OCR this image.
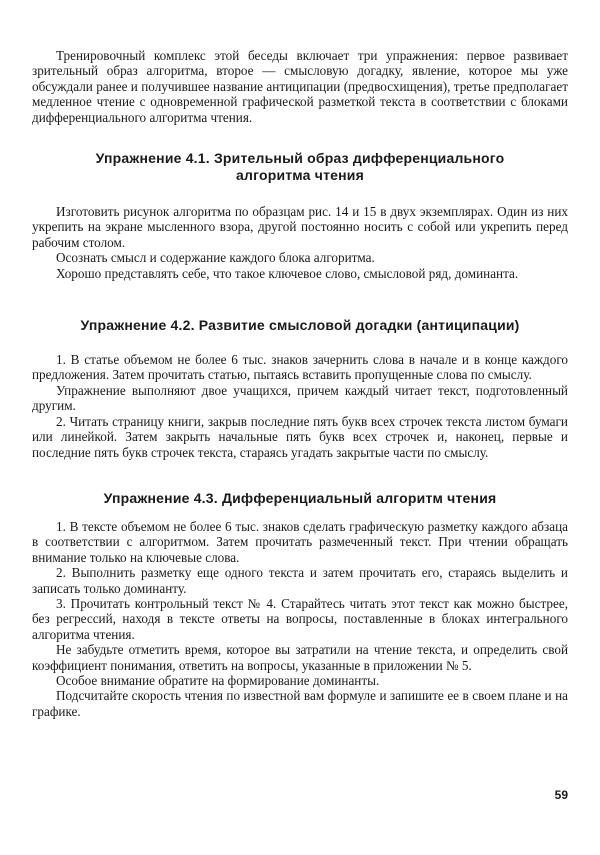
Тренировочный комплекс этой беседы включает три упражнения: первое развивает зрительный образ алгоритма, второе — смысловую догадку, явление, которое мы уже обсуждали ранее и получившее название антиципации (предвосхищения), третье предполагает медленное чтение с одновременной графической разметкой текста в соответствии с блоками дифференциального алгоритма чтения.

Упражнение 4.1. Зрительный образ дифференциального
алгоритма чтения

Изготовить рисунок алгоритма по образцам рис. 14 и 15 в двух экземплярах. Один из них укрепить на экране мысленного взора, другой постоянно носить с собой или укрепить перед рабочим столом.

Осознать смысл и содержание каждого блока алгоритма.

Хорошо представлять себе, что такое ключевое слово, смысловой ряд, доминанта.

Упражнение 4.2. Развитие смысловой догадки (антиципации)

1. В статье объемом не более 6 тыс. знаков зачернить слова в начале и в конце каждого предложения. Затем прочитать статью, пытаясь вставить пропущенные слова по смыслу.

Упражнение выполняют двое учащихся, причем каждый читает текст, подготовленный другим.

2. Читать страницу книги, закрыв последние пять букв всех строчек текста листом бумаги или линейкой. Затем закрыть начальные пять букв всех строчек и, наконец, первые и последние пять букв строчек текста, стараясь угадать закрытые части по смыслу.

Упражнение 4.3. Дифференциальный алгоритм чтения

1. В тексте объемом не более 6 тыс. знаков сделать графическую разметку каждого абзаца в соответствии с алгоритмом. Затем прочитать размеченный текст. При чтении обращать внимание только на ключевые слова.

2. Выполнить разметку еще одного текста и затем прочитать его, стараясь выделить и записать только доминанту.

3. Прочитать контрольный текст № 4. Старайтесь читать этот текст как можно быстрее, без регрессий, находя в тексте ответы на вопросы, поставленные в блоках интегрального алгоритма чтения.

Не забудьте отметить время, которое вы затратили на чтение текста, и определить свой коэффициент понимания, ответить на вопросы, указанные в приложении № 5.

Особое внимание обратите на формирование доминанты.

Подсчитайте скорость чтения по известной вам формуле и запишите ее в своем плане и на графике.

59
